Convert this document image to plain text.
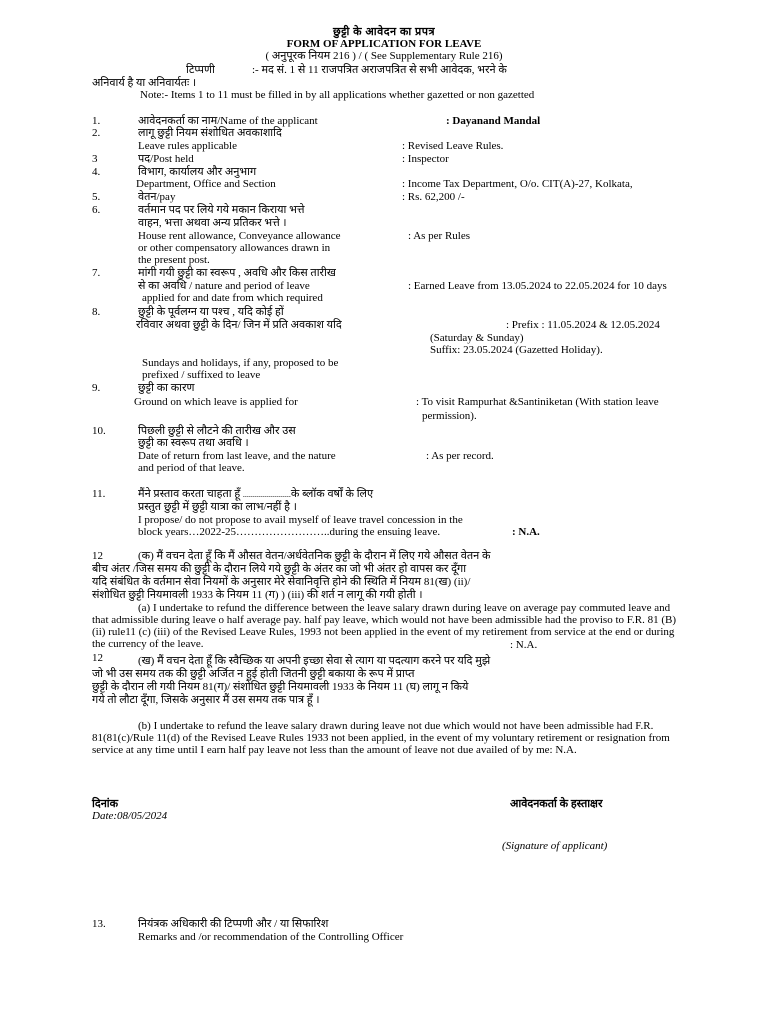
छुट्टी के आवेदन का प्रपत्र
FORM OF APPLICATION FOR LEAVE
( अनुपूरक नियम 216 ) / ( See Supplementary Rule 216)
टिप्पणी	:- मद सं. 1 से 11 राजपत्रित अराजपत्रित से सभी आवेदक, भरने के
अनिवार्य है या अनिवार्यतः ।
Note:- Items 1 to 11 must be filled in by all applications whether gazetted or non gazetted
1.	आवेदनकर्ता का नाम/Name of the applicant	: Dayanand Mandal
2.	लागू छुट्टी नियम संशोधित अवकाशादि
Leave rules applicable	: Revised Leave Rules.
3	पद/Post held	: Inspector
4.	विभाग, कार्यालय और अनुभाग
Department, Office and Section	: Income Tax Department, O/o. CIT(A)-27, Kolkata,
5.	वेतन/pay	: Rs. 62,200 /-
6.	वर्तमान पद पर लिये गये मकान किराया भत्ते
वाहन, भत्ता अथवा अन्य प्रतिकर भत्ते ।
House rent allowance, Conveyance allowance	: As per Rules
or other compensatory allowances drawn in
the present post.
7.	मांगी गयी छुट्टी का स्वरूप , अवधि और किस तारीख
से का अवधि / nature and period of leave	: Earned Leave from 13.05.2024 to 22.05.2024 for 10 days
applied for and date from which required
8.	छुट्टी के पूर्वलग्न या पश्च , यदि कोई हों
रविवार अथवा छुट्टी के दिन/ जिन में प्रति अवकाश यदि	: Prefix : 11.05.2024 & 12.05.2024
(Saturday & Sunday)
Suffix: 23.05.2024 (Gazetted Holiday).
Sundays and holidays, if any, proposed to be
prefixed / suffixed to leave
9.	छुट्टी का कारण
Ground on which leave is applied for	: To visit Rampurhat &Santiniketan (With station leave
permission).
10.	पिछली छुट्टी से लौटने की तारीख और उस
छुट्टी का स्वरूप तथा अवधि ।
Date of return from last leave, and the nature	: As per record.
and period of that leave.
11.	मैंने प्रस्ताव करता चाहता हूँ ........................के ब्लॉक वर्षों के लिए
प्रस्तुत छुट्टी में छुट्टी यात्रा का लाभ/नहीं है ।
I propose/ do not propose to avail myself of leave travel concession in the
block years…2022-25……………………..during the ensuing leave.	: N.A.
12	(क) मैं वचन देता हूँ कि मैं औसत वेतन/अर्धवेतनिक छुट्टी के दौरान में लिए गये औसत वेतन के
बीच अंतर /जिस समय की छुट्टी के दौरान लिये गये छुट्टी के अंतर का जो भी अंतर हो वापस कर दूँगा
यदि संबंधित के वर्तमान सेवा नियमों के अनुसार मेरे सेवानिवृत्ति होने की स्थिति में नियम 81(ख) (ii)/
संशोधित छुट्टी नियमावली 1933 के नियम 11 (ग) ) (iii) की शर्त न लागू की गयी होती ।
(a) I undertake to refund the difference between the leave salary drawn during leave on average pay commuted leave and that admissible during leave o half average pay. half pay leave, which would not have been admissible had the proviso to F.R. 81 (B)(ii) rule11 (c) (iii) of the Revised Leave Rules, 1993 not been applied in the event of my retirement from service at the end or during the currency of the leave.	: N.A.
12	(ख) मैं वचन देता हूँ कि स्वैच्छिक या अपनी इच्छा सेवा से त्याग या पदत्याग करने पर यदि मुझे
जो भी उस समय तक की छुट्टी अर्जित न हुई होती जितनी छुट्टी बकाया के रूप में प्राप्त
छुट्टी के दौरान ली गयी नियम 81(ग)/ संशोधित छुट्टी नियमावली 1933 के नियम 11 (घ) लागू न किये
गये तो लौटा दूँगा, जिसके अनुसार मैं उस समय तक पात्र हूँ ।
(b) I undertake to refund the leave salary drawn during leave not due which would not have been admissible had F.R. 81(81(c)/Rule 11(d) of the Revised Leave Rules 1933 not been applied, in the event of my voluntary retirement or resignation from service at any time until I earn half pay leave not less than the amount of leave not due availed of by me: N.A.
दिनांक
Date:08/05/2024
आवेदनकर्ता के हस्ताक्षर
(Signature of applicant)
13.	नियंत्रक अधिकारी की टिप्पणी और / या सिफारिश
Remarks and /or recommendation of the Controlling Officer
